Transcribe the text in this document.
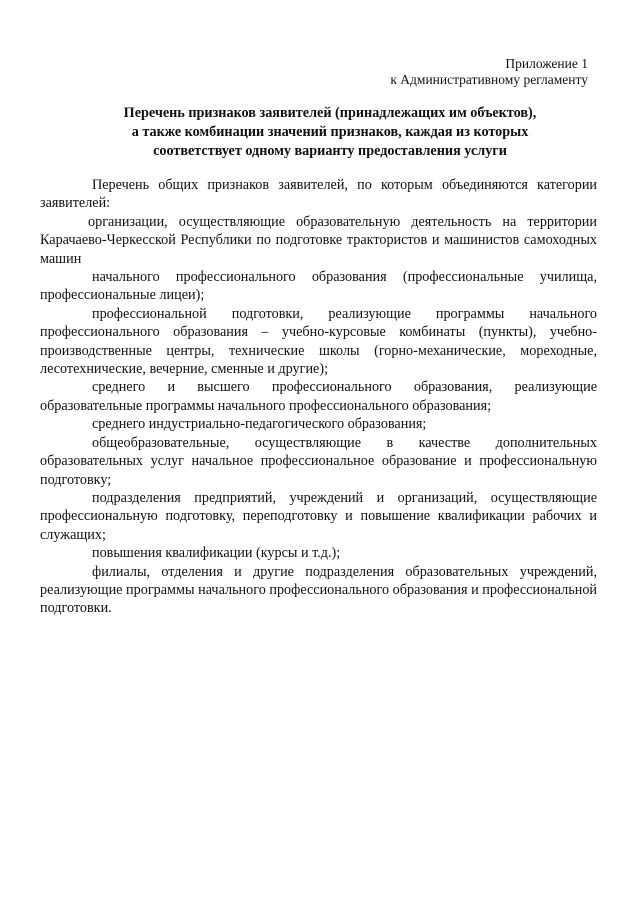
Приложение 1
к Административному регламенту
Перечень признаков заявителей (принадлежащих им объектов),
а также комбинации значений признаков, каждая из которых
соответствует одному варианту предоставления услуги

Перечень общих признаков заявителей, по которым объединяются категории заявителей:

организации, осуществляющие образовательную деятельность на территории Карачаево-Черкесской Республики по подготовке трактористов и машинистов самоходных машин

начального профессионального образования (профессиональные училища, профессиональные лицеи);

профессиональной подготовки, реализующие программы начального профессионального образования – учебно-курсовые комбинаты (пункты), учебно-производственные центры, технические школы (горно-механические, мореходные, лесотехнические, вечерние, сменные и другие);

среднего и высшего профессионального образования, реализующие образовательные программы начального профессионального образования;

среднего индустриально-педагогического образования;

общеобразовательные, осуществляющие в качестве дополнительных образовательных услуг начальное профессиональное образование и профессиональную подготовку;

подразделения предприятий, учреждений и организаций, осуществляющие профессиональную подготовку, переподготовку и повышение квалификации рабочих и служащих;

повышения квалификации (курсы и т.д.);

филиалы, отделения и другие подразделения образовательных учреждений, реализующие программы начального профессионального образования и профессиональной подготовки.
